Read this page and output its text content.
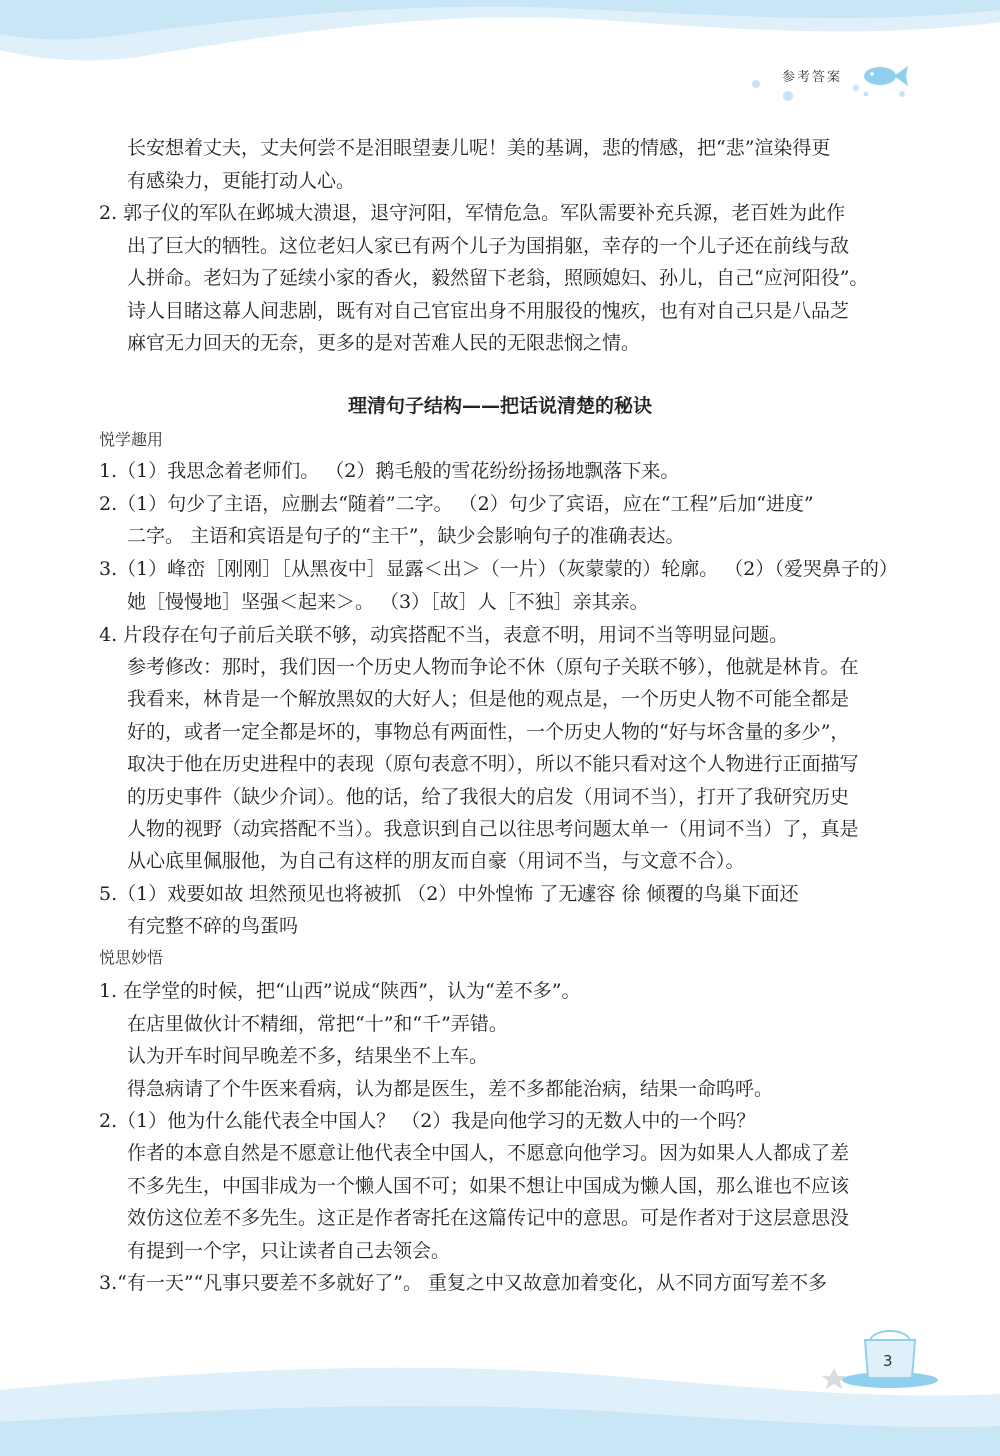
参考答案
长安想着丈夫，丈夫何尝不是泪眼望妻儿呢！美的基调，悲的情感，把“悲”渲染得更
有感染力，更能打动人心。
2. 郭子仪的军队在邺城大溃退，退守河阳，军情危急。军队需要补充兵源，老百姓为此作
出了巨大的牺牲。这位老妇人家已有两个儿子为国捐躯，幸存的一个儿子还在前线与敌
人拼命。老妇为了延续小家的香火，毅然留下老翁，照顾媳妇、孙儿，自己“应河阳役”。
诗人目睹这幕人间悲剧，既有对自己官宦出身不用服役的愧疚，也有对自己只是八品芝
麻官无力回天的无奈，更多的是对苦难人民的无限悲悯之情。
理清句子结构——把话说清楚的秘诀
悦学趣用
1.（1）我思念着老师们。 （2）鹅毛般的雪花纷纷扬扬地飘落下来。
2.（1）句少了主语，应删去“随着”二字。 （2）句少了宾语，应在“工程”后加“进度”
二字。 主语和宾语是句子的“主干”，缺少会影响句子的准确表达。
3.（1）峰峦［刚刚］［从黑夜中］显露＜出＞（一片）（灰蒙蒙的）轮廓。 （2）（爱哭鼻子的）
她［慢慢地］坚强＜起来＞。 （3）［故］人［不独］亲其亲。
4. 片段存在句子前后关联不够，动宾搭配不当，表意不明，用词不当等明显问题。
参考修改：那时，我们因一个历史人物而争论不休（原句子关联不够），他就是林肯。在
我看来，林肯是一个解放黑奴的大好人；但是他的观点是，一个历史人物不可能全都是
好的，或者一定全都是坏的，事物总有两面性，一个历史人物的“好与坏含量的多少”，
取决于他在历史进程中的表现（原句表意不明），所以不能只看对这个人物进行正面描写
的历史事件（缺少介词）。他的话，给了我很大的启发（用词不当），打开了我研究历史
人物的视野（动宾搭配不当）。我意识到自己以往思考问题太单一（用词不当）了，真是
从心底里佩服他，为自己有这样的朋友而自豪（用词不当，与文意不合）。
5.（1）戏要如故 坦然预见也将被抓 （2）中外惶怖 了无遽容 徐 倾覆的鸟巢下面还
有完整不碎的鸟蛋吗
悦思妙悟
1. 在学堂的时候，把“山西”说成“陕西”，认为“差不多”。
在店里做伙计不精细，常把“十”和“千”弄错。
认为开车时间早晚差不多，结果坐不上车。
得急病请了个牛医来看病，认为都是医生，差不多都能治病，结果一命呜呼。
2.（1）他为什么能代表全中国人？ （2）我是向他学习的无数人中的一个吗？
作者的本意自然是不愿意让他代表全中国人，不愿意向他学习。因为如果人人都成了差
不多先生，中国非成为一个懒人国不可；如果不想让中国成为懒人国，那么谁也不应该
效仿这位差不多先生。这正是作者寄托在这篇传记中的意思。可是作者对于这层意思没
有提到一个字，只让读者自己去领会。
3.“有一天”“凡事只要差不多就好了”。 重复之中又故意加着变化，从不同方面写差不多
3
